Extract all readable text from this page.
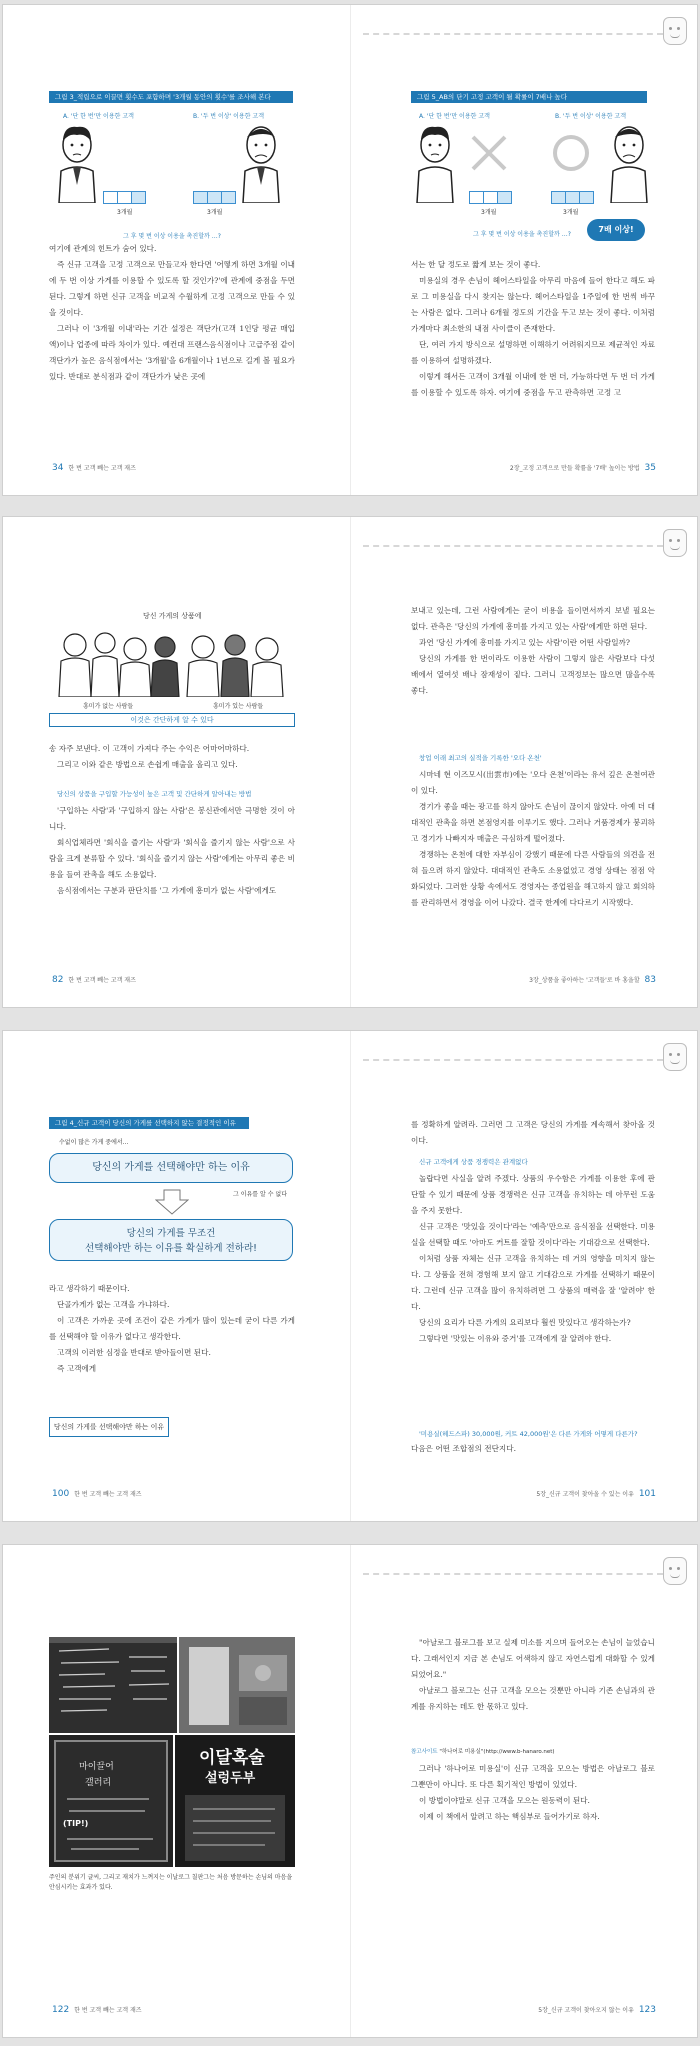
그림 3_적립으로 이끌면 횟수도 포함하며 '3개월 동안의 횟수'를 조사해 본다
A. '단 한 번'만 이용한 고객	B. '두 번 이상' 이용한 고객
3개월	3개월
그 후 몇 번 이상 이용을 촉진할까 …?

여기에 관계의 힌트가 숨어 있다.

즉 신규 고객을 고정 고객으로 만들고자 한다면 '어떻게 하면 3개월 이내에 두 번 이상 가게를 이용할 수 있도록 할 것인가?'에 관계에 중점을 두면 된다. 그렇게 하면 신규 고객을 비교적 수월하게 고정 고객으로 만들 수 있을 것이다.

그러나 이 '3개월 이내'라는 기간 설정은 객단가(고객 1인당 평균 매입액)이나 업종에 따라 차이가 있다. 예컨대 프랜스음식점이나 고급주점 같이 객단가가 높은 음식점에서는 '3개월'을 6개월이나 1년으로 길게 볼 필요가 있다. 반대로 분식점과 같이 객단가가 낮은 곳에

34 한 번 고객 빼는 고객 재즈
그림 5_AB의 단기 고정 고객이 될 확률이 7배나 높다
A. '단 한 번'만 이용한 고객	B. '두 번 이상' 이용한 고객
3개월	3개월
그 후 몇 번 이상 이용을 촉진할까 …?
7배 이상!

서는 한 달 정도로 짧게 보는 것이 좋다.

미용실의 경우 손님이 헤어스타일을 아무리 마음에 들어 한다고 해도 파로 그 미용실을 다시 찾지는 않는다. 헤어스타일을 1주일에 한 번씩 바꾸는 사람은 없다. 그러나 6개월 정도의 기간을 두고 보는 것이 좋다. 이처럼 가게마다 최소한의 내점 사이클이 존재한다.

단, 여러 가지 방식으로 설명하면 이해하기 어려워지므로 제균적인 자료를 이용하여 설명하겠다.

이렇게 해서든 고객이 3개월 이내에 한 번 더, 가능하다면 두 번 더 가게를 이용할 수 있도록 하자. 여기에 중점을 두고 관측하면 고정 고

2장_고정 고객으로 만들 확률을 '7배' 높이는 방법 35
당신 가게의 상품에
흥미가 없는 사람들	흥미가 있는 사람들
이것은 간단하게 알 수 있다

송 자주 보낸다. 이 고객이 가져다 주는 수익은 어마어마하다.

그리고 이와 같은 방법으로 손쉽게 매출을 올리고 있다.

당신의 상품을 구입할 가능성이 높은 고객 및 간단하게 알아내는 방법

'구입하는 사람'과 '구입하지 않는 사람'은 봉신관에서만 극명한 것이 아니다.

회식업체라면 '회식을 즐기는 사람'과 '회식을 즐기지 않는 사람'으로 사람을 크게 분류할 수 있다. '회식을 즐기지 않는 사람'에게는 아무리 좋은 비용을 들여 관촉을 해도 소용없다.

음식점에서는 구분과 판단치를 '그 가게에 흥미가 없는 사람'에게도

82 한 번 고객 빼는 고객 재즈

보내고 있는데, 그런 사람에게는 굳이 비용을 들이면서까지 보낼 필요는 없다. 관측은 '당신의 가게에 흥미를 가지고 있는 사람'에게만 하면 된다.

과연 '당신 가게에 흥미를 가지고 있는 사람'이란 어떤 사람일까?

당신의 가게를 한 번이라도 이용한 사람이 그렇지 않은 사람보다 다섯 배에서 열여섯 배나 잠재성이 짙다. 그러니 고객정보는 많으면 많을수록 좋다.

창업 이래 최고의 실적을 기록한 '오다 온천'

시마네 현 이즈모시(出雲市)에는 '오다 온천'이라는 유서 깊은 온천여관이 있다.

경기가 좋을 때는 광고를 하지 않아도 손님이 끊이지 않았다. 아예 더 대대적인 관촉을 하면 본점영지를 이루기도 했다. 그러나 거품경제가 붕괴하고 경기가 나빠지자 매출은 극심하게 떨어졌다.

경쟁하는 온천에 대한 자부심이 강했기 때문에 다른 사람들의 의견을 전혀 들으려 하지 않았다. 대대적인 관촉도 소용없었고 경영 상태는 점점 악화되었다. 그러한 상황 속에서도 경영자는 종업원을 해고하지 않고 회의하를 관리하면서 경영을 이어 나갔다. 결국 한계에 다다르기 시작했다.

3장_상품을 좋아하는 '고객들'로 바 홍을할 83
그림 4_신규 고객이 당신의 가게를 선택하지 않는 결정적인 이유
수없이 많은 가게 중에서…
당신의 가게를 선택해야만 하는 이유
그 이유를 알 수 없다
당신의 가게를 무조건
선택해야만 하는 이유를 확실하게 전하라!

라고 생각하기 때문이다.

단골가게가 없는 고객을 가냐하다.

이 고객은 가까운 곳에 조건이 같은 가게가 많이 있는데 굳이 다른 가게를 선택해야 할 이유가 없다고 생각한다.

고객의 이러한 심정을 반대로 받아들이면 된다.

즉 고객에게

당신의 가게를 선택해야만 하는 이유
100 한 번 고객 빼는 고객 재즈

를 정확하게 알려라. 그러면 그 고객은 당신의 가게를 계속해서 찾아올 것이다.

신규 고객에게 상품 경쟁력은 관계없다

놀랍다면 사실을 알려 주겠다. 상품의 우수함은 가게를 이용한 후에 판단할 수 있기 때문에 상품 경쟁력은 신규 고객을 유치하는 데 아무런 도움을 주지 못한다.

신규 고객은 '맛있을 것이다'라는 '예측'만으로 음식점을 선택한다. 미용실을 선택할 때도 '아마도 커트를 잘할 것이다'라는 기대감으로 선택한다.

이처럼 상품 자체는 신규 고객을 유치하는 데 거의 영향을 미치지 않는다. 그 상품을 전혀 경험해 보지 않고 기대감으로 가게를 선택하기 때문이다. 그런데 신규 고객을 많이 유치하려면 그 상품의 매력을 잘 '알려야' 한다.

당신의 요리가 다른 가게의 요리보다 훨씬 맛있다고 생각하는가?

그렇다면 '맛있는 이유와 증거'를 고객에게 잘 알려야 한다.

'미용실(헤드스파) 30,000원, 커트 42,000원'은 다른 가게와 어떻게 다른가?

다음은 어떤 조합점의 전단지다.

5장_신규 고객이 찾아올 수 있는 이유 101
마이끌어
갤러리
(TIP!)
이달혹술
설렁두부
주인의 분위기 글씨, 그리고 재치가 느껴지는 이날로그 칠판그는 처음 방문하는 손님의 마음을 안심시키는 효과가 있다.
122 한 번 고객 빼는 고객 재즈

"아날로그 블로그를 보고 실제 미소를 지으며 들어오는 손님이 늘었습니다. 그래서인지 지금 본 손님도 어색하지 않고 자연스럽게 대화할 수 있게 되었어요."

아날로그 블로그는 신규 고객을 모으는 것뿐만 아니라 기존 손님과의 관계를 유지하는 데도 한 몫하고 있다.

참고사이트 "하나어로 미용실"(http://www.b-hanaro.net)

그러나 '하나어로 미용실'이 신규 고객을 모으는 방법은 아날로그 블로그뿐만이 아니다. 또 다른 획기적인 방법이 있었다.

이 방법이야말로 신규 고객을 모으는 원동력이 된다.

이제 이 책에서 알려고 하는 핵심부로 들어가기로 하자.

5장_신규 고객이 찾아오지 않는 이유 123
